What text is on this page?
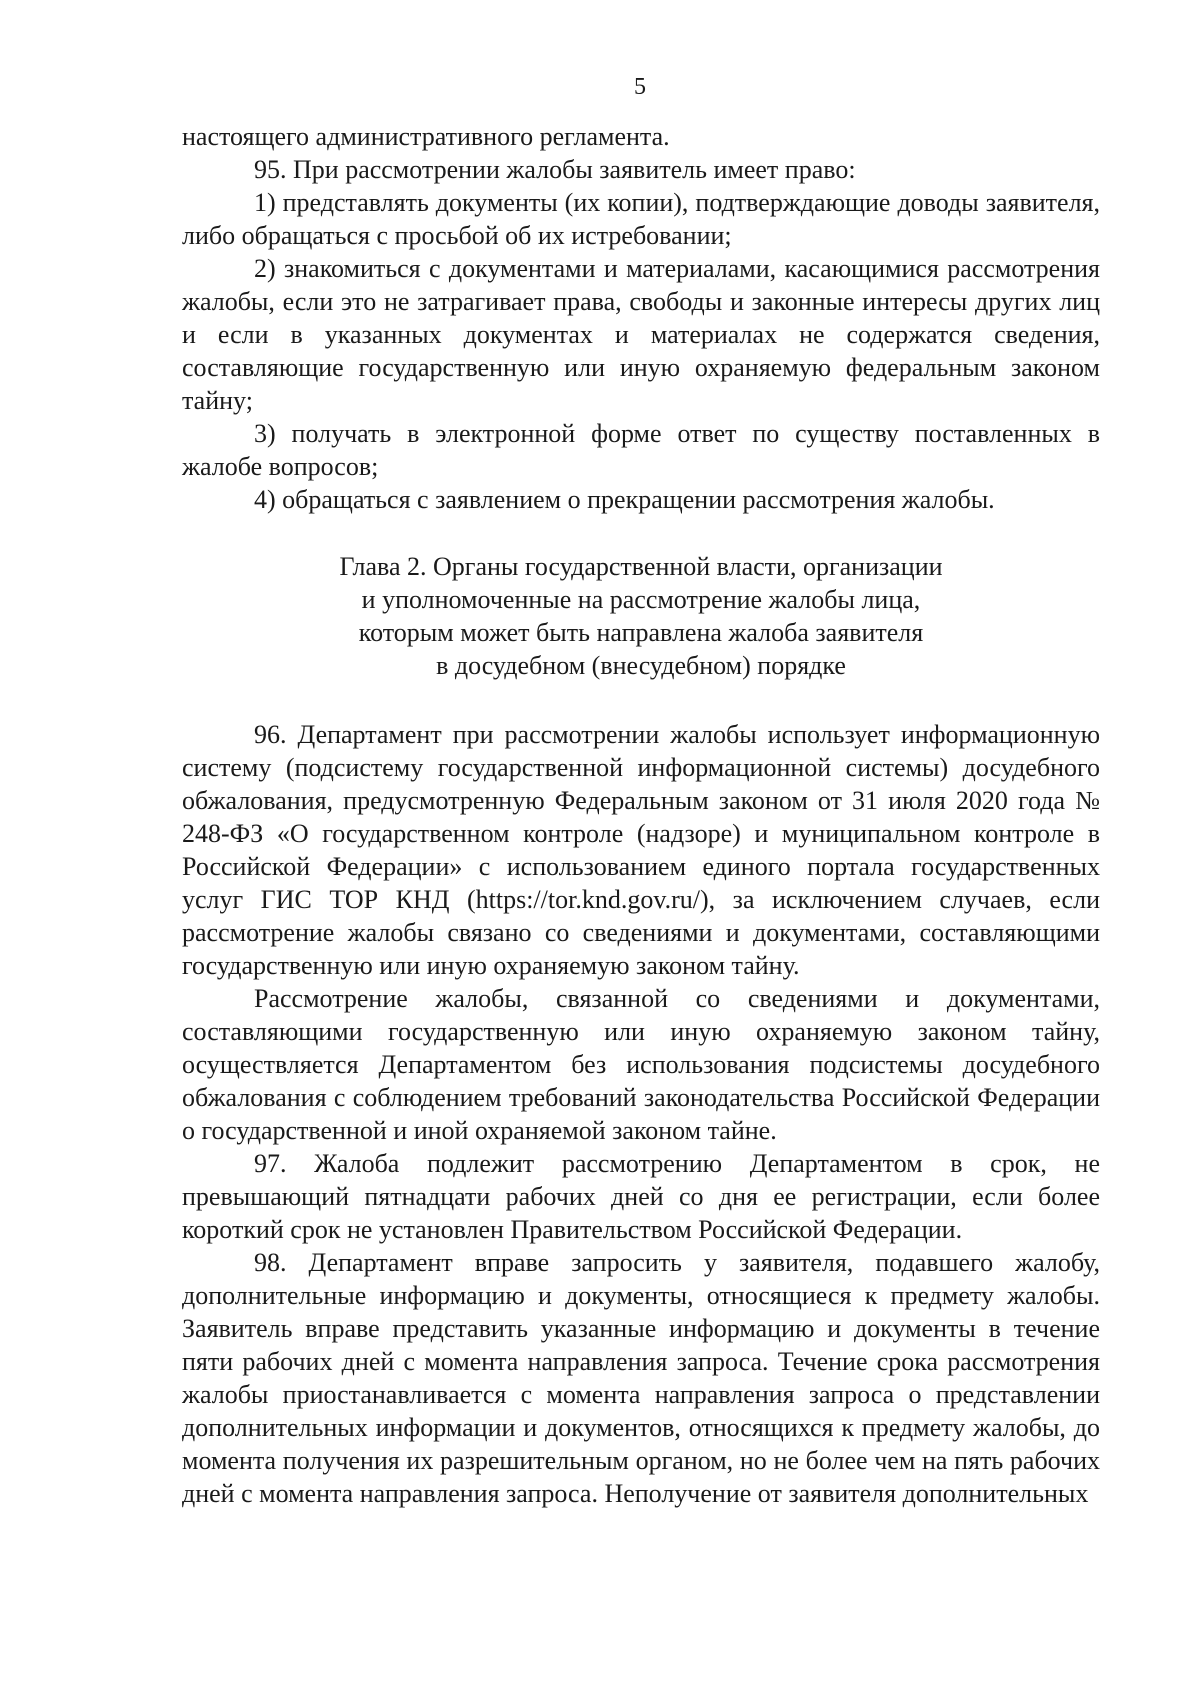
5

настоящего административного регламента.

95. При рассмотрении жалобы заявитель имеет право:

1) представлять документы (их копии), подтверждающие доводы заявителя, либо обращаться с просьбой об их истребовании;

2) знакомиться с документами и материалами, касающимися рассмотрения жалобы, если это не затрагивает права, свободы и законные интересы других лиц и если в указанных документах и материалах не содержатся сведения, составляющие государственную или иную охраняемую федеральным законом тайну;

3) получать в электронной форме ответ по существу поставленных в жалобе вопросов;

4) обращаться с заявлением о прекращении рассмотрения жалобы.

Глава 2. Органы государственной власти, организации
и уполномоченные на рассмотрение жалобы лица,
которым может быть направлена жалоба заявителя
в досудебном (внесудебном) порядке

96. Департамент при рассмотрении жалобы использует информационную систему (подсистему государственной информационной системы) досудебного обжалования, предусмотренную Федеральным законом от 31 июля 2020 года № 248-ФЗ «О государственном контроле (надзоре) и муниципальном контроле в Российской Федерации» с использованием единого портала государственных услуг ГИС ТОР КНД (https://tor.knd.gov.ru/), за исключением случаев, если рассмотрение жалобы связано со сведениями и документами, составляющими государственную или иную охраняемую законом тайну.

Рассмотрение жалобы, связанной со сведениями и документами, составляющими государственную или иную охраняемую законом тайну, осуществляется Департаментом без использования подсистемы досудебного обжалования с соблюдением требований законодательства Российской Федерации о государственной и иной охраняемой законом тайне.

97. Жалоба подлежит рассмотрению Департаментом в срок, не превышающий пятнадцати рабочих дней со дня ее регистрации, если более короткий срок не установлен Правительством Российской Федерации.

98. Департамент вправе запросить у заявителя, подавшего жалобу, дополнительные информацию и документы, относящиеся к предмету жалобы. Заявитель вправе представить указанные информацию и документы в течение пяти рабочих дней с момента направления запроса. Течение срока рассмотрения жалобы приостанавливается с момента направления запроса о представлении дополнительных информации и документов, относящихся к предмету жалобы, до момента получения их разрешительным органом, но не более чем на пять рабочих дней с момента направления запроса. Неполучение от заявителя дополнительных
